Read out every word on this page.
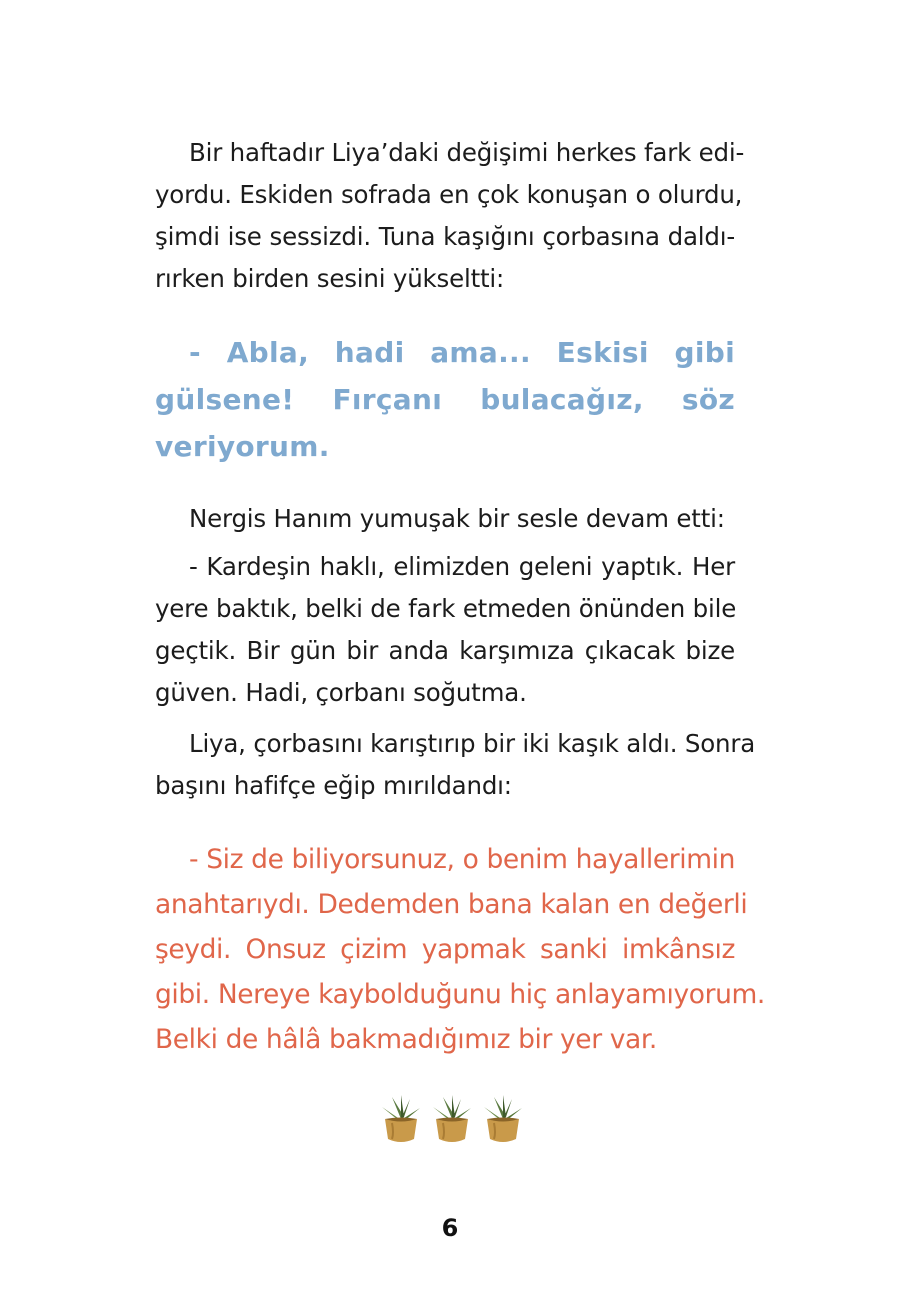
Bir haftadır Liya’daki değişimi herkes fark edi-
yordu. Eskiden sofrada en çok konuşan o olurdu,
şimdi ise sessizdi. Tuna kaşığını çorbasına daldı-
rırken birden sesini yükseltti:
- Abla, hadi ama... Eskisi gibi
gülsene! Fırçanı bulacağız, söz
veriyorum.
Nergis Hanım yumuşak bir sesle devam etti:
- Kardeşin haklı, elimizden geleni yaptık. Her
yere baktık, belki de fark etmeden önünden bile
geçtik. Bir gün bir anda karşımıza çıkacak bize
güven. Hadi, çorbanı soğutma.
Liya, çorbasını karıştırıp bir iki kaşık aldı. Sonra
başını hafifçe eğip mırıldandı:
- Siz de biliyorsunuz, o benim hayallerimin
anahtarıydı. Dedemden bana kalan en değerli
şeydi. Onsuz çizim yapmak sanki imkânsız
gibi. Nereye kaybolduğunu hiç anlayamıyorum.
Belki de hâlâ bakmadığımız bir yer var.
6
